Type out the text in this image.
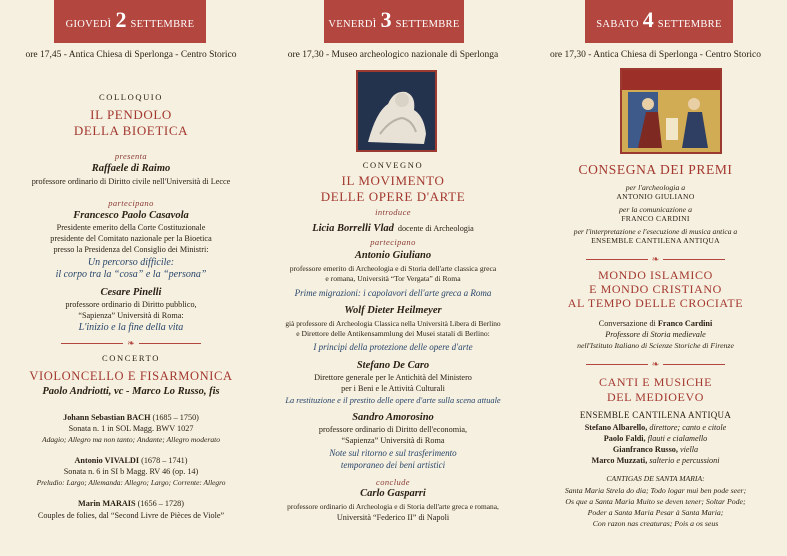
GIOVEDÌ 2 SETTEMBRE
ore 17,45 - Antica Chiesa di Sperlonga - Centro Storico
COLLOQUIO
IL PENDOLO
DELLA BIOETICA
presenta
Raffaele di Raimo
professore ordinario di Diritto civile nell'Università di Lecce
partecipano
Francesco Paolo Casavola
Presidente emerito della Corte Costituzionale
presidente del Comitato nazionale per la Bioetica
presso la Presidenza del Consiglio dei Ministri:
Un percorso difficile:
il corpo tra la “cosa” e la “persona”
Cesare Pinelli
professore ordinario di Diritto pubblico,
“Sapienza” Università di Roma:
L'inizio e la fine della vita
❧
CONCERTO
VIOLONCELLO E FISARMONICA
Paolo Andriotti, vc - Marco Lo Russo, fis
Johann Sebastian BACH (1685 – 1750)
Sonata n. 1 in SOL Magg. BWV 1027
Adagio; Allegro ma non tanto; Andante; Allegro moderato
Antonio VIVALDI (1678 – 1741)
Sonata n. 6 in SI b Magg. RV 46 (op. 14)
Preludio: Largo; Allemanda: Allegro; Largo; Corrente: Allegro
Marin MARAIS (1656 – 1728)
Couples de folies, dal “Second Livre de Pièces de Viole”
VENERDÌ 3 SETTEMBRE
ore 17,30 - Museo archeologico nazionale di Sperlonga
CONVEGNO
IL MOVIMENTO
DELLE OPERE D'ARTE
introduce
Licia Borrelli Vlad docente di Archeologia
partecipano
Antonio Giuliano
professore emerito di Archeologia e di Storia dell'arte classica greca
e romana, Università “Tor Vergata” di Roma
Prime migrazioni: i capolavori dell'arte greca a Roma
Wolf Dieter Heilmeyer
già professore di Archeologia Classica nella Università Libera di Berlino
e Direttore delle Antikensammlung dei Musei statali di Berlino:
I principi della protezione delle opere d'arte
Stefano De Caro
Direttore generale per le Antichità del Ministero
per i Beni e le Attività Culturali
La restituzione e il prestito delle opere d'arte sulla scena attuale
Sandro Amorosino
professore ordinario di Diritto dell'economia,
“Sapienza” Università di Roma
Note sul ritorno e sul trasferimento
temporaneo dei beni artistici
conclude
Carlo Gasparri
professore ordinario di Archeologia e di Storia dell'arte greca e romana,
Università “Federico II” di Napoli
SABATO 4 SETTEMBRE
ore 17,30 - Antica Chiesa di Sperlonga - Centro Storico
CONSEGNA DEI PREMI
per l'archeologia a
ANTONIO GIULIANO
per la comunicazione a
FRANCO CARDINI
per l'interpretazione e l'esecuzione di musica antica a
ENSEMBLE CANTILENA ANTIQUA
❧
MONDO ISLAMICO
E MONDO CRISTIANO
AL TEMPO DELLE CROCIATE
Conversazione di Franco Cardini
Professore di Storia medievale
nell'Istituto Italiano di Scienze Storiche di Firenze
❧
CANTI E MUSICHE
DEL MEDIOEVO
ENSEMBLE CANTILENA ANTIQUA
Stefano Albarello, direttore; canto e citole
Paolo Faldi, flauti e cialamello
Gianfranco Russo, viella
Marco Muzzati, salterio e percussioni
CANTIGAS DE SANTA MARIA:
Santa Maria Strela do dia; Todo logar mui ben pode seer;
Os que a Santa Maria Muito se deven tener; Soltar Pode;
Poder a Santa Maria Pesar à Santa Maria;
Con razon nas creaturas; Pois a os seus
